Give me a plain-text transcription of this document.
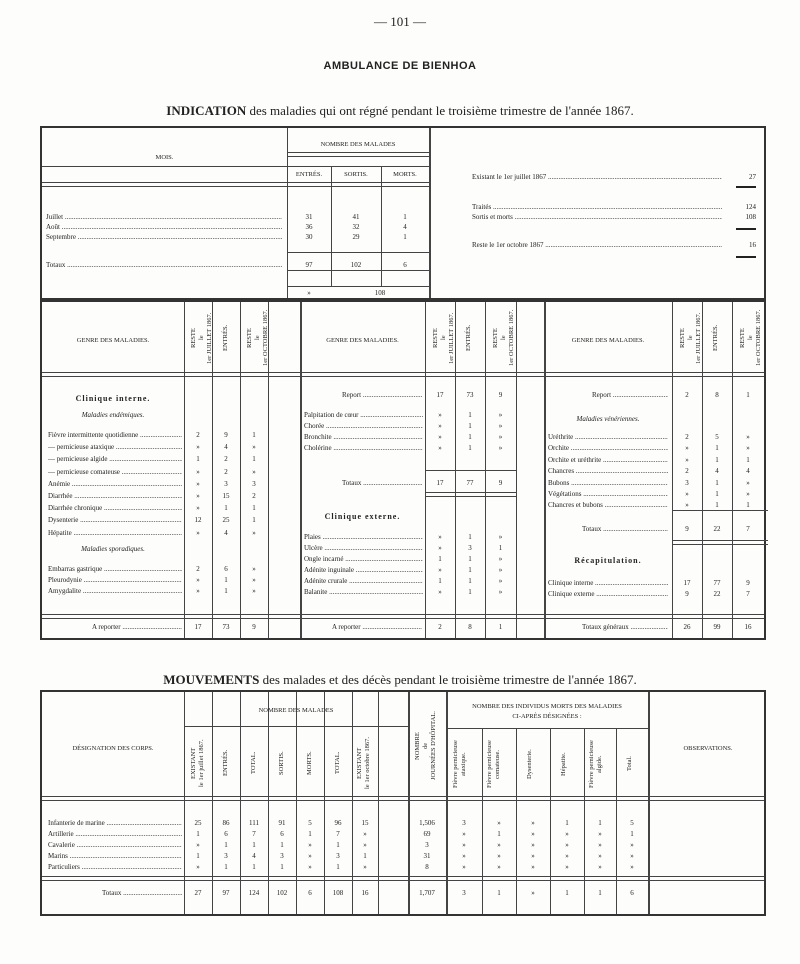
— 101 —
AMBULANCE DE BIENHOA
INDICATION des maladies qui ont régné pendant le troisième trimestre de l'année 1867.
MOIS.
NOMBRE DES MALADES
ENTRÉS.	SORTIS.	MORTS.
Juillet .....	31	41	1
Août .....	36	32	4
Septembre .....	30	29	1
Totaux .....	97	102	6
»	108
Existant le 1er juillet 1867 .....	27
Traités .....	124
Sortis et morts .....	108
Reste le 1er octobre 1867 .....	16
GENRE DES MALADIES.	RESTE
le
1er JUILLET 1867.
ENTRÉS.	RESTE
le
1er OCTOBRE 1867.
GENRE DES MALADIES.	RESTE
le
1er JUILLET 1867.
ENTRÉS.	RESTE
le
1er OCTOBRE 1867.
GENRE DES MALADIES.	RESTE
le
1er JUILLET 1867.
ENTRÉS.	RESTE
le
1er OCTOBRE 1867.
Clinique interne.
Maladies endémiques.
Fièvre intermittente quotidienne .....	2	9	1
— pernicieuse ataxique .....	»	4	»
— pernicieuse algide .....	1	2	1
— pernicieuse comateuse .....	»	2	»
Anémie .....	»	3	3
Diarrhée .....	»	15	2
Diarrhée chronique .....	»	1	1
Dysenterie .....	12	25	1
Hépatite .....	»	4	»
Maladies sporadiques.
Embarras gastrique .....	2	6	»
Pleurodynie .....	»	1	»
Amygdalite .....	»	1	»
A reporter .....	17	73	9
Report .....	17	73	9
Palpitation de cœur .....	»	1	»
Chorée .....	»	1	»
Bronchite .....	»	1	»
Cholérine .....	»	1	»
Totaux .....	17	77	9
Clinique externe.
Plaies .....	»	1	»
Ulcère .....	»	3	1
Ongle incarné .....	1	1	»
Adénite inguinale .....	»	1	»
Adénite crurale .....	1	1	»
Balanite .....	»	1	»
A reporter .....	2	8	1
Report .....	2	8	1
Maladies vénériennes.
Uréthrite .....	2	5	»
Orchite .....	»	1	»
Orchite et uréthrite .....	»	1	1
Chancres .....	2	4	4
Bubons .....	3	1	»
Végétations .....	»	1	»
Chancres et bubons .....	»	1	1
Totaux .....	9	22	7
Récapitulation.
Clinique interne .....	17	77	9
Clinique externe .....	9	22	7
Totaux généraux .....	26	99	16
MOUVEMENTS des malades et des décès pendant le troisième trimestre de l'année 1867.
DÉSIGNATION DES CORPS.
NOMBRE DES MALADES
EXISTANT
le 1er juillet 1867.
ENTRÉS.	TOTAL.	SORTIS.	MORTS.	TOTAL.	EXISTANT
le 1er octobre 1867.	NOMBRE
de
JOURNÉES D'HÔPITAL.
NOMBRE DES INDIVIDUS MORTS DES MALADIES
CI-APRÈS DÉSIGNÉES :
Fièvre pernicieuse
ataxique.
Fièvre pernicieuse
comateuse.	Dysenterie.	Hépatite.
Fièvre pernicieuse
algide.	Total.
OBSERVATIONS.
Infanterie de marine .....	25	86	111	91	5	96	15	1,506	3	»	»	1	1	5
Artillerie .....	1	6	7	6	1	7	»	69	»	1	»	»	»	1
Cavalerie .....	»	1	1	1	»	1	»	3	»	»	»	»	»	»
Marins .....	1	3	4	3	»	3	1	31	»	»	»	»	»	»
Particuliers .....	»	1	1	1	»	1	»	8	»	»	»	»	»	»
Totaux .....	27	97	124	102	6	108	16	1,707	3	1	»	1	1	6
